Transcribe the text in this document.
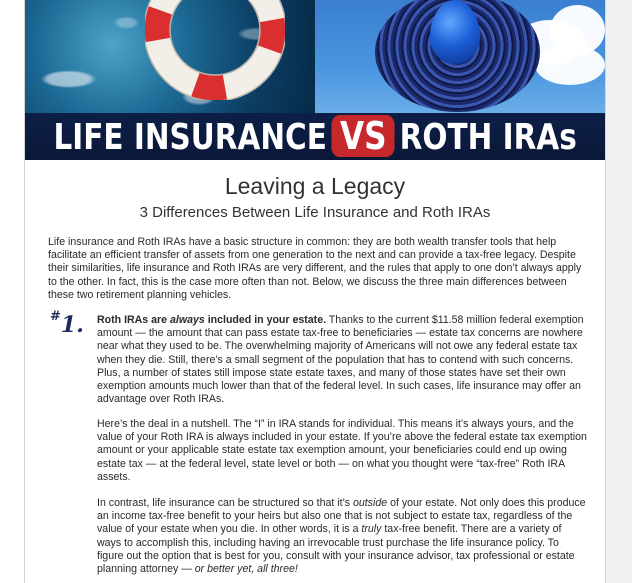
LIFE INSURANCE VS ROTH IRAs
Leaving a Legacy
3 Differences Between Life Insurance and Roth IRAs
Life insurance and Roth IRAs have a basic structure in common: they are both wealth transfer tools that help facilitate an efficient transfer of assets from one generation to the next and can provide a tax-free legacy. Despite their similarities, life insurance and Roth IRAs are very different, and the rules that apply to one don’t always apply to the other. In fact, this is the case more often than not. Below, we discuss the three main differences between these two retirement planning vehicles.
#1. Roth IRAs are always included in your estate. Thanks to the current $11.58 million federal exemption amount — the amount that can pass estate tax-free to beneficiaries — estate tax concerns are nowhere near what they used to be. The overwhelming majority of Americans will not owe any federal estate tax when they die. Still, there’s a small segment of the population that has to contend with such concerns. Plus, a number of states still impose state estate taxes, and many of those states have set their own exemption amounts much lower than that of the federal level. In such cases, life insurance may offer an advantage over Roth IRAs.
Here’s the deal in a nutshell. The “I” in IRA stands for individual. This means it’s always yours, and the value of your Roth IRA is always included in your estate. If you’re above the federal estate tax exemption amount or your applicable state estate tax exemption amount, your beneficiaries could end up owing estate tax — at the federal level, state level or both — on what you thought were “tax-free” Roth IRA assets.
In contrast, life insurance can be structured so that it’s outside of your estate. Not only does this produce an income tax-free benefit to your heirs but also one that is not subject to estate tax, regardless of the value of your estate when you die. In other words, it is a truly tax-free benefit. There are a variety of ways to accomplish this, including having an irrevocable trust purchase the life insurance policy. To figure out the option that is best for you, consult with your insurance advisor, tax professional or estate planning attorney — or better yet, all three!
